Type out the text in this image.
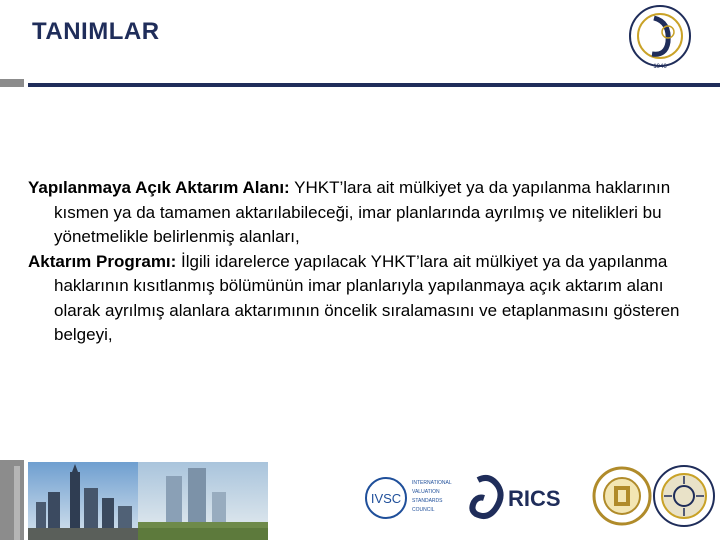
TANIMLAR
1946

Yapılanmaya Açık Aktarım Alanı: YHKT’lara ait mülkiyet ya da yapılanma haklarının kısmen ya da tamamen aktarılabileceği, imar planlarında ayrılmış ve nitelikleri bu yönetmelikle belirlenmiş alanları,

Aktarım Programı: İlgili idarelerce yapılacak YHKT’lara ait mülkiyet ya da yapılanma haklarının kısıtlanmış bölümünün imar planlarıyla yapılanmaya açık aktarım alanı olarak ayrılmış alanlara aktarımının öncelik sıralamasını ve etaplanmasını gösteren belgeyi,

IVSC
INTERNATIONAL
VALUATION
STANDARDS
COUNCIL	RICS
